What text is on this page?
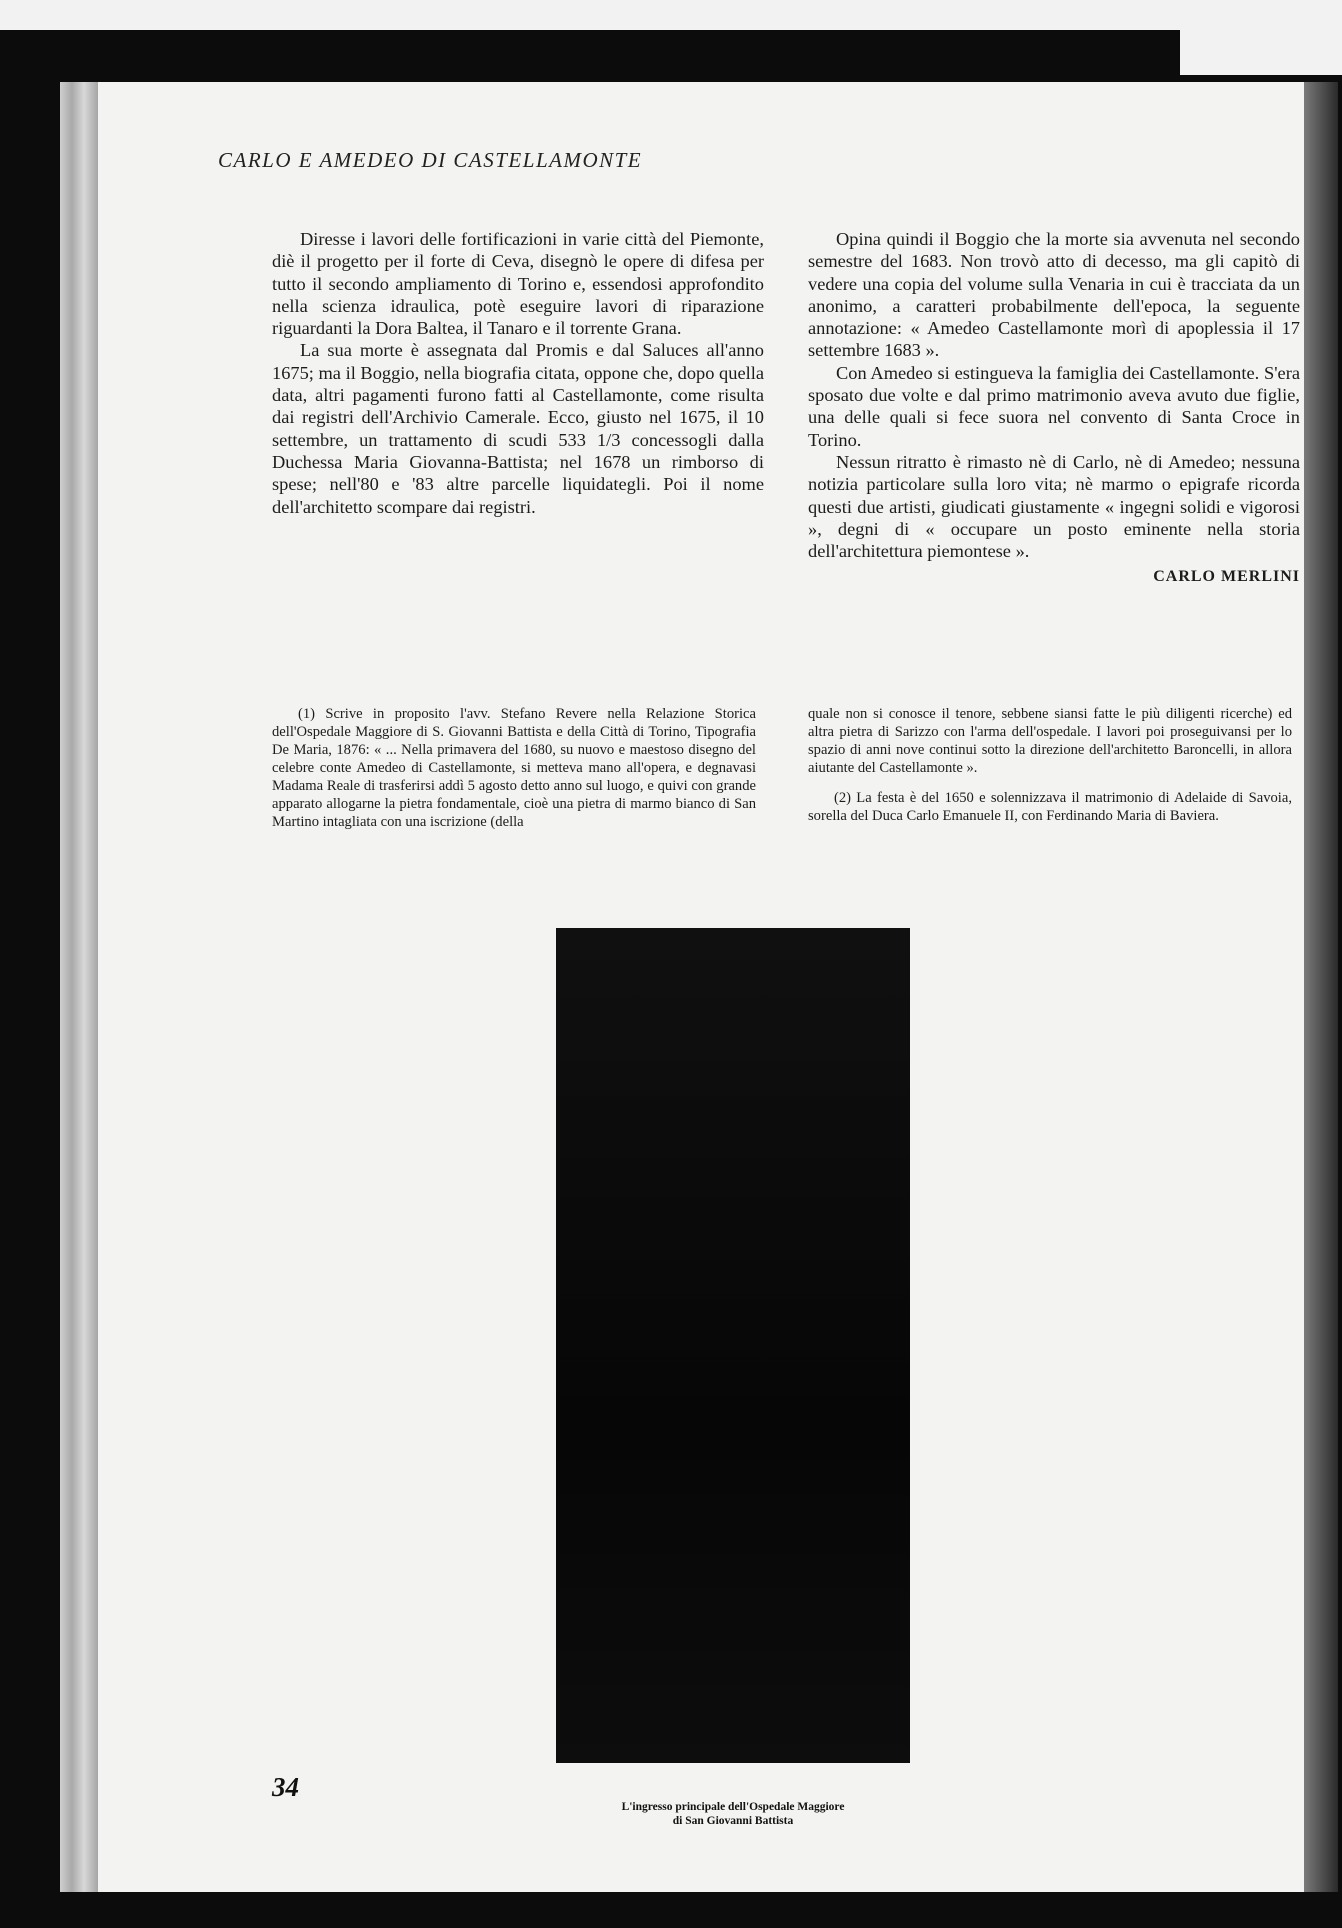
CARLO E AMEDEO DI CASTELLAMONTE

Diresse i lavori delle fortificazioni in varie città del Piemonte, diè il progetto per il forte di Ceva, disegnò le opere di difesa per tutto il secondo ampliamento di Torino e, essendosi approfondito nella scienza idraulica, potè eseguire lavori di riparazione riguardanti la Dora Baltea, il Tanaro e il torrente Grana.

La sua morte è assegnata dal Promis e dal Saluces all'anno 1675; ma il Boggio, nella biografia citata, oppone che, dopo quella data, altri pagamenti furono fatti al Castellamonte, come risulta dai registri dell'Archivio Camerale. Ecco, giusto nel 1675, il 10 settembre, un trattamento di scudi 533 1/3 concessogli dalla Duchessa Maria Giovanna-Battista; nel 1678 un rimborso di spese; nell'80 e '83 altre parcelle liquidategli. Poi il nome dell'architetto scompare dai registri.

Opina quindi il Boggio che la morte sia avvenuta nel secondo semestre del 1683. Non trovò atto di decesso, ma gli capitò di vedere una copia del volume sulla Venaria in cui è tracciata da un anonimo, a caratteri probabilmente dell'epoca, la seguente annotazione: « Amedeo Castellamonte morì di apoplessia il 17 settembre 1683 ».

Con Amedeo si estingueva la famiglia dei Castellamonte. S'era sposato due volte e dal primo matrimonio aveva avuto due figlie, una delle quali si fece suora nel convento di Santa Croce in Torino.

Nessun ritratto è rimasto nè di Carlo, nè di Amedeo; nessuna notizia particolare sulla loro vita; nè marmo o epigrafe ricorda questi due artisti, giudicati giustamente « ingegni solidi e vigorosi », degni di « occupare un posto eminente nella storia dell'architettura piemontese ».

CARLO MERLINI

(1) Scrive in proposito l'avv. Stefano Revere nella Relazione Storica dell'Ospedale Maggiore di S. Giovanni Battista e della Città di Torino, Tipografia De Maria, 1876: « ... Nella primavera del 1680, su nuovo e maestoso disegno del celebre conte Amedeo di Castellamonte, si metteva mano all'opera, e degnavasi Madama Reale di trasferirsi addì 5 agosto detto anno sul luogo, e quivi con grande apparato allogarne la pietra fondamentale, cioè una pietra di marmo bianco di San Martino intagliata con una iscrizione (della

quale non si conosce il tenore, sebbene siansi fatte le più diligenti ricerche) ed altra pietra di Sarizzo con l'arma dell'ospedale. I lavori poi proseguivansi per lo spazio di anni nove continui sotto la direzione dell'architetto Baroncelli, in allora aiutante del Castellamonte ».

(2) La festa è del 1650 e solennizzava il matrimonio di Adelaide di Savoia, sorella del Duca Carlo Emanuele II, con Ferdinando Maria di Baviera.

L'ingresso principale dell'Ospedale Maggiore
di San Giovanni Battista
34
